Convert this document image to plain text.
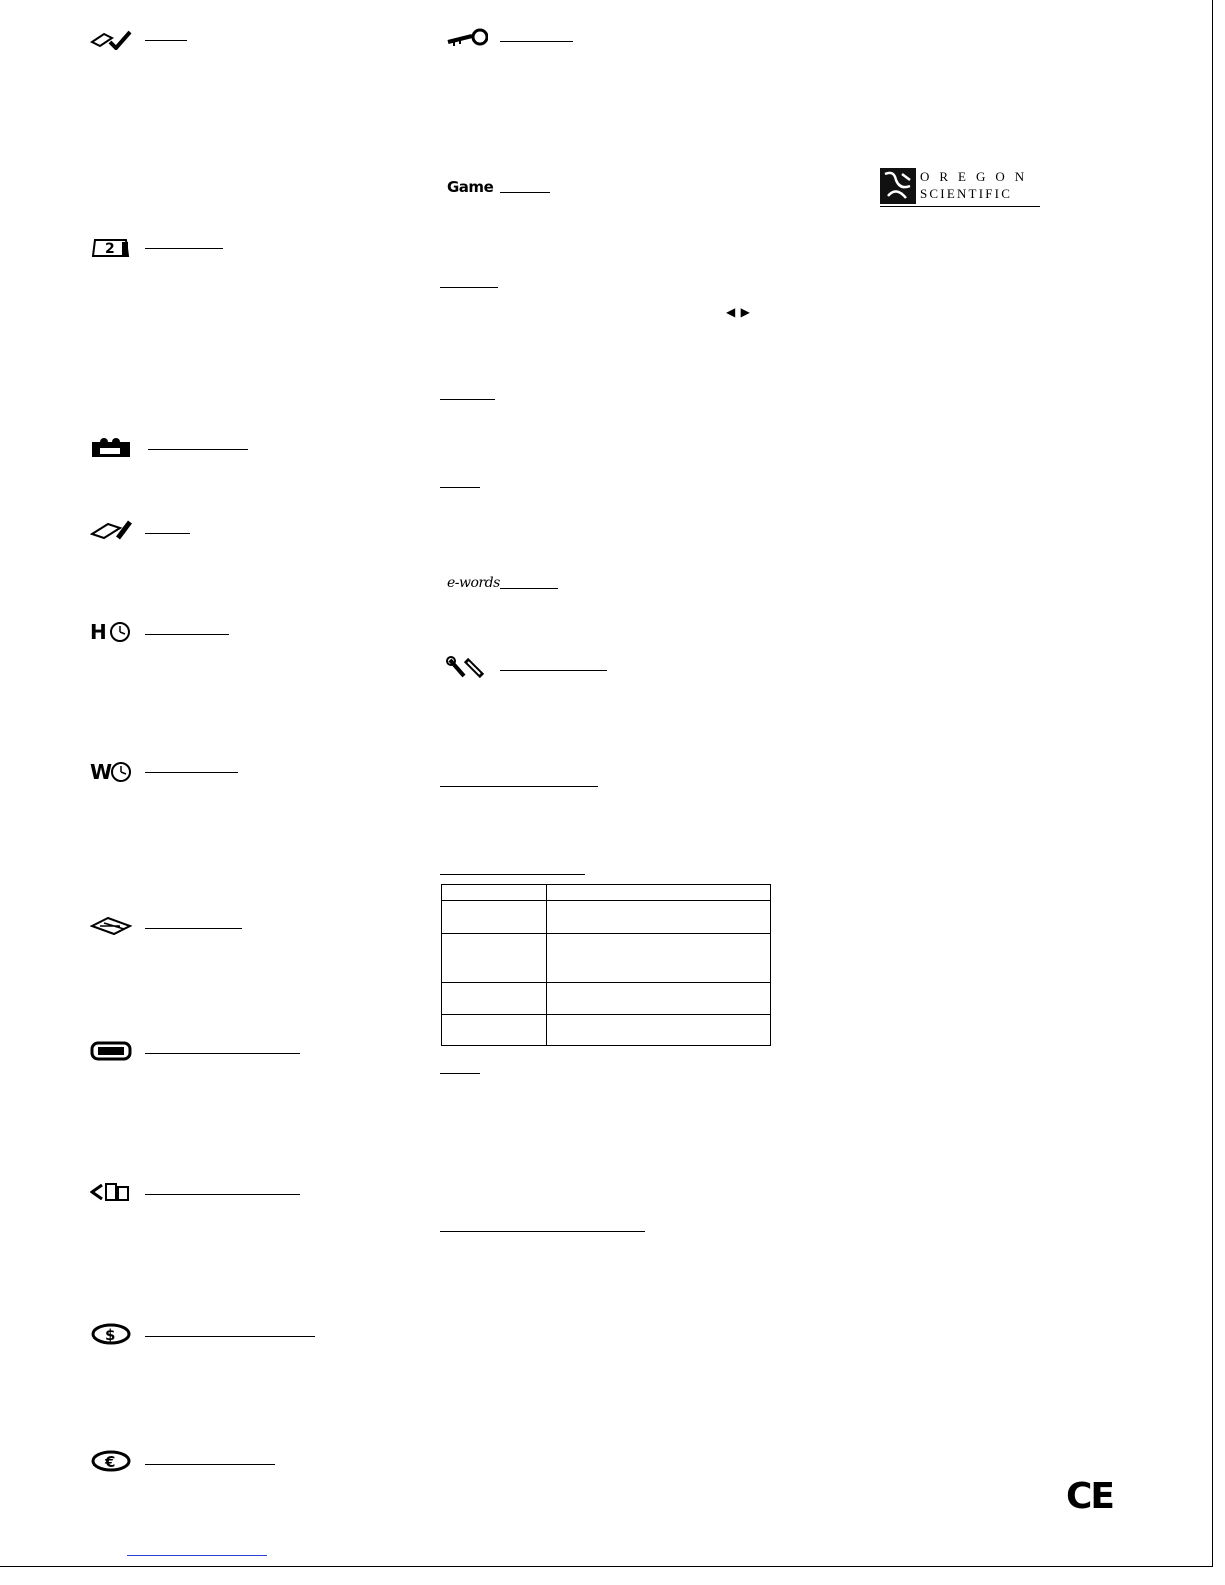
2
H
W
$
€
Game
◀ ▶
e-words

OREGON
SCIENTIFIC
CE
